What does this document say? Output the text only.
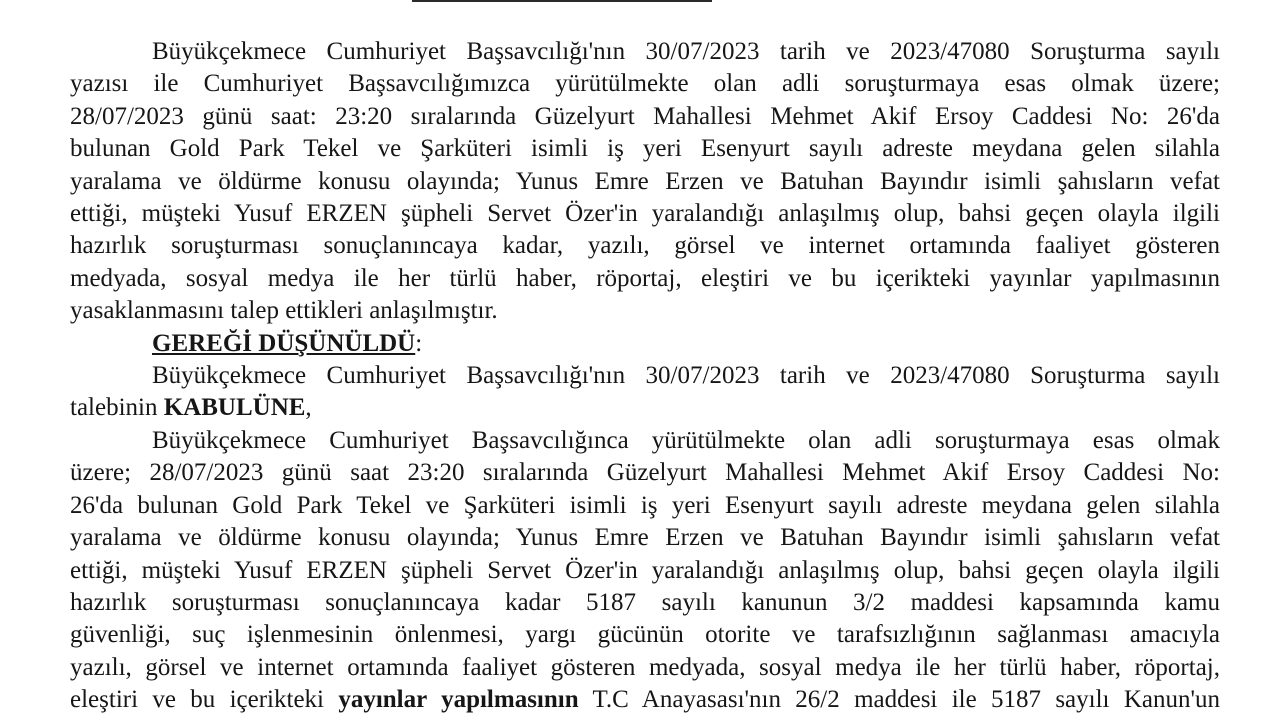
Büyükçekmece Cumhuriyet Başsavcılığı'nın 30/07/2023 tarih ve 2023/47080 Soruşturma sayılı
yazısı ile Cumhuriyet Başsavcılığımızca yürütülmekte olan adli soruşturmaya esas olmak üzere;
28/07/2023 günü saat: 23:20 sıralarında Güzelyurt Mahallesi Mehmet Akif Ersoy Caddesi No: 26'da
bulunan Gold Park Tekel ve Şarküteri isimli iş yeri Esenyurt sayılı adreste meydana gelen silahla
yaralama ve öldürme konusu olayında; Yunus Emre Erzen ve Batuhan Bayındır isimli şahısların vefat
ettiği, müşteki Yusuf ERZEN şüpheli Servet Özer'in yaralandığı anlaşılmış olup, bahsi geçen olayla ilgili
hazırlık soruşturması sonuçlanıncaya kadar, yazılı, görsel ve internet ortamında faaliyet gösteren
medyada, sosyal medya ile her türlü haber, röportaj, eleştiri ve bu içerikteki yayınlar yapılmasının
yasaklanmasını talep ettikleri anlaşılmıştır.

GEREĞİ DÜŞÜNÜLDÜ:

Büyükçekmece Cumhuriyet Başsavcılığı'nın 30/07/2023 tarih ve 2023/47080 Soruşturma sayılı
talebinin KABULÜNE,

Büyükçekmece Cumhuriyet Başsavcılığınca yürütülmekte olan adli soruşturmaya esas olmak
üzere; 28/07/2023 günü saat 23:20 sıralarında Güzelyurt Mahallesi Mehmet Akif Ersoy Caddesi No:
26'da bulunan Gold Park Tekel ve Şarküteri isimli iş yeri Esenyurt sayılı adreste meydana gelen silahla
yaralama ve öldürme konusu olayında; Yunus Emre Erzen ve Batuhan Bayındır isimli şahısların vefat
ettiği, müşteki Yusuf ERZEN şüpheli Servet Özer'in yaralandığı anlaşılmış olup, bahsi geçen olayla ilgili
hazırlık soruşturması sonuçlanıncaya kadar 5187 sayılı kanunun 3/2 maddesi kapsamında kamu
güvenliği, suç işlenmesinin önlenmesi, yargı gücünün otorite ve tarafsızlığının sağlanması amacıyla
yazılı, görsel ve internet ortamında faaliyet gösteren medyada, sosyal medya ile her türlü haber, röportaj,
eleştiri ve bu içerikteki yayınlar yapılmasının T.C Anayasası'nın 26/2 maddesi ile 5187 sayılı Kanun'un
